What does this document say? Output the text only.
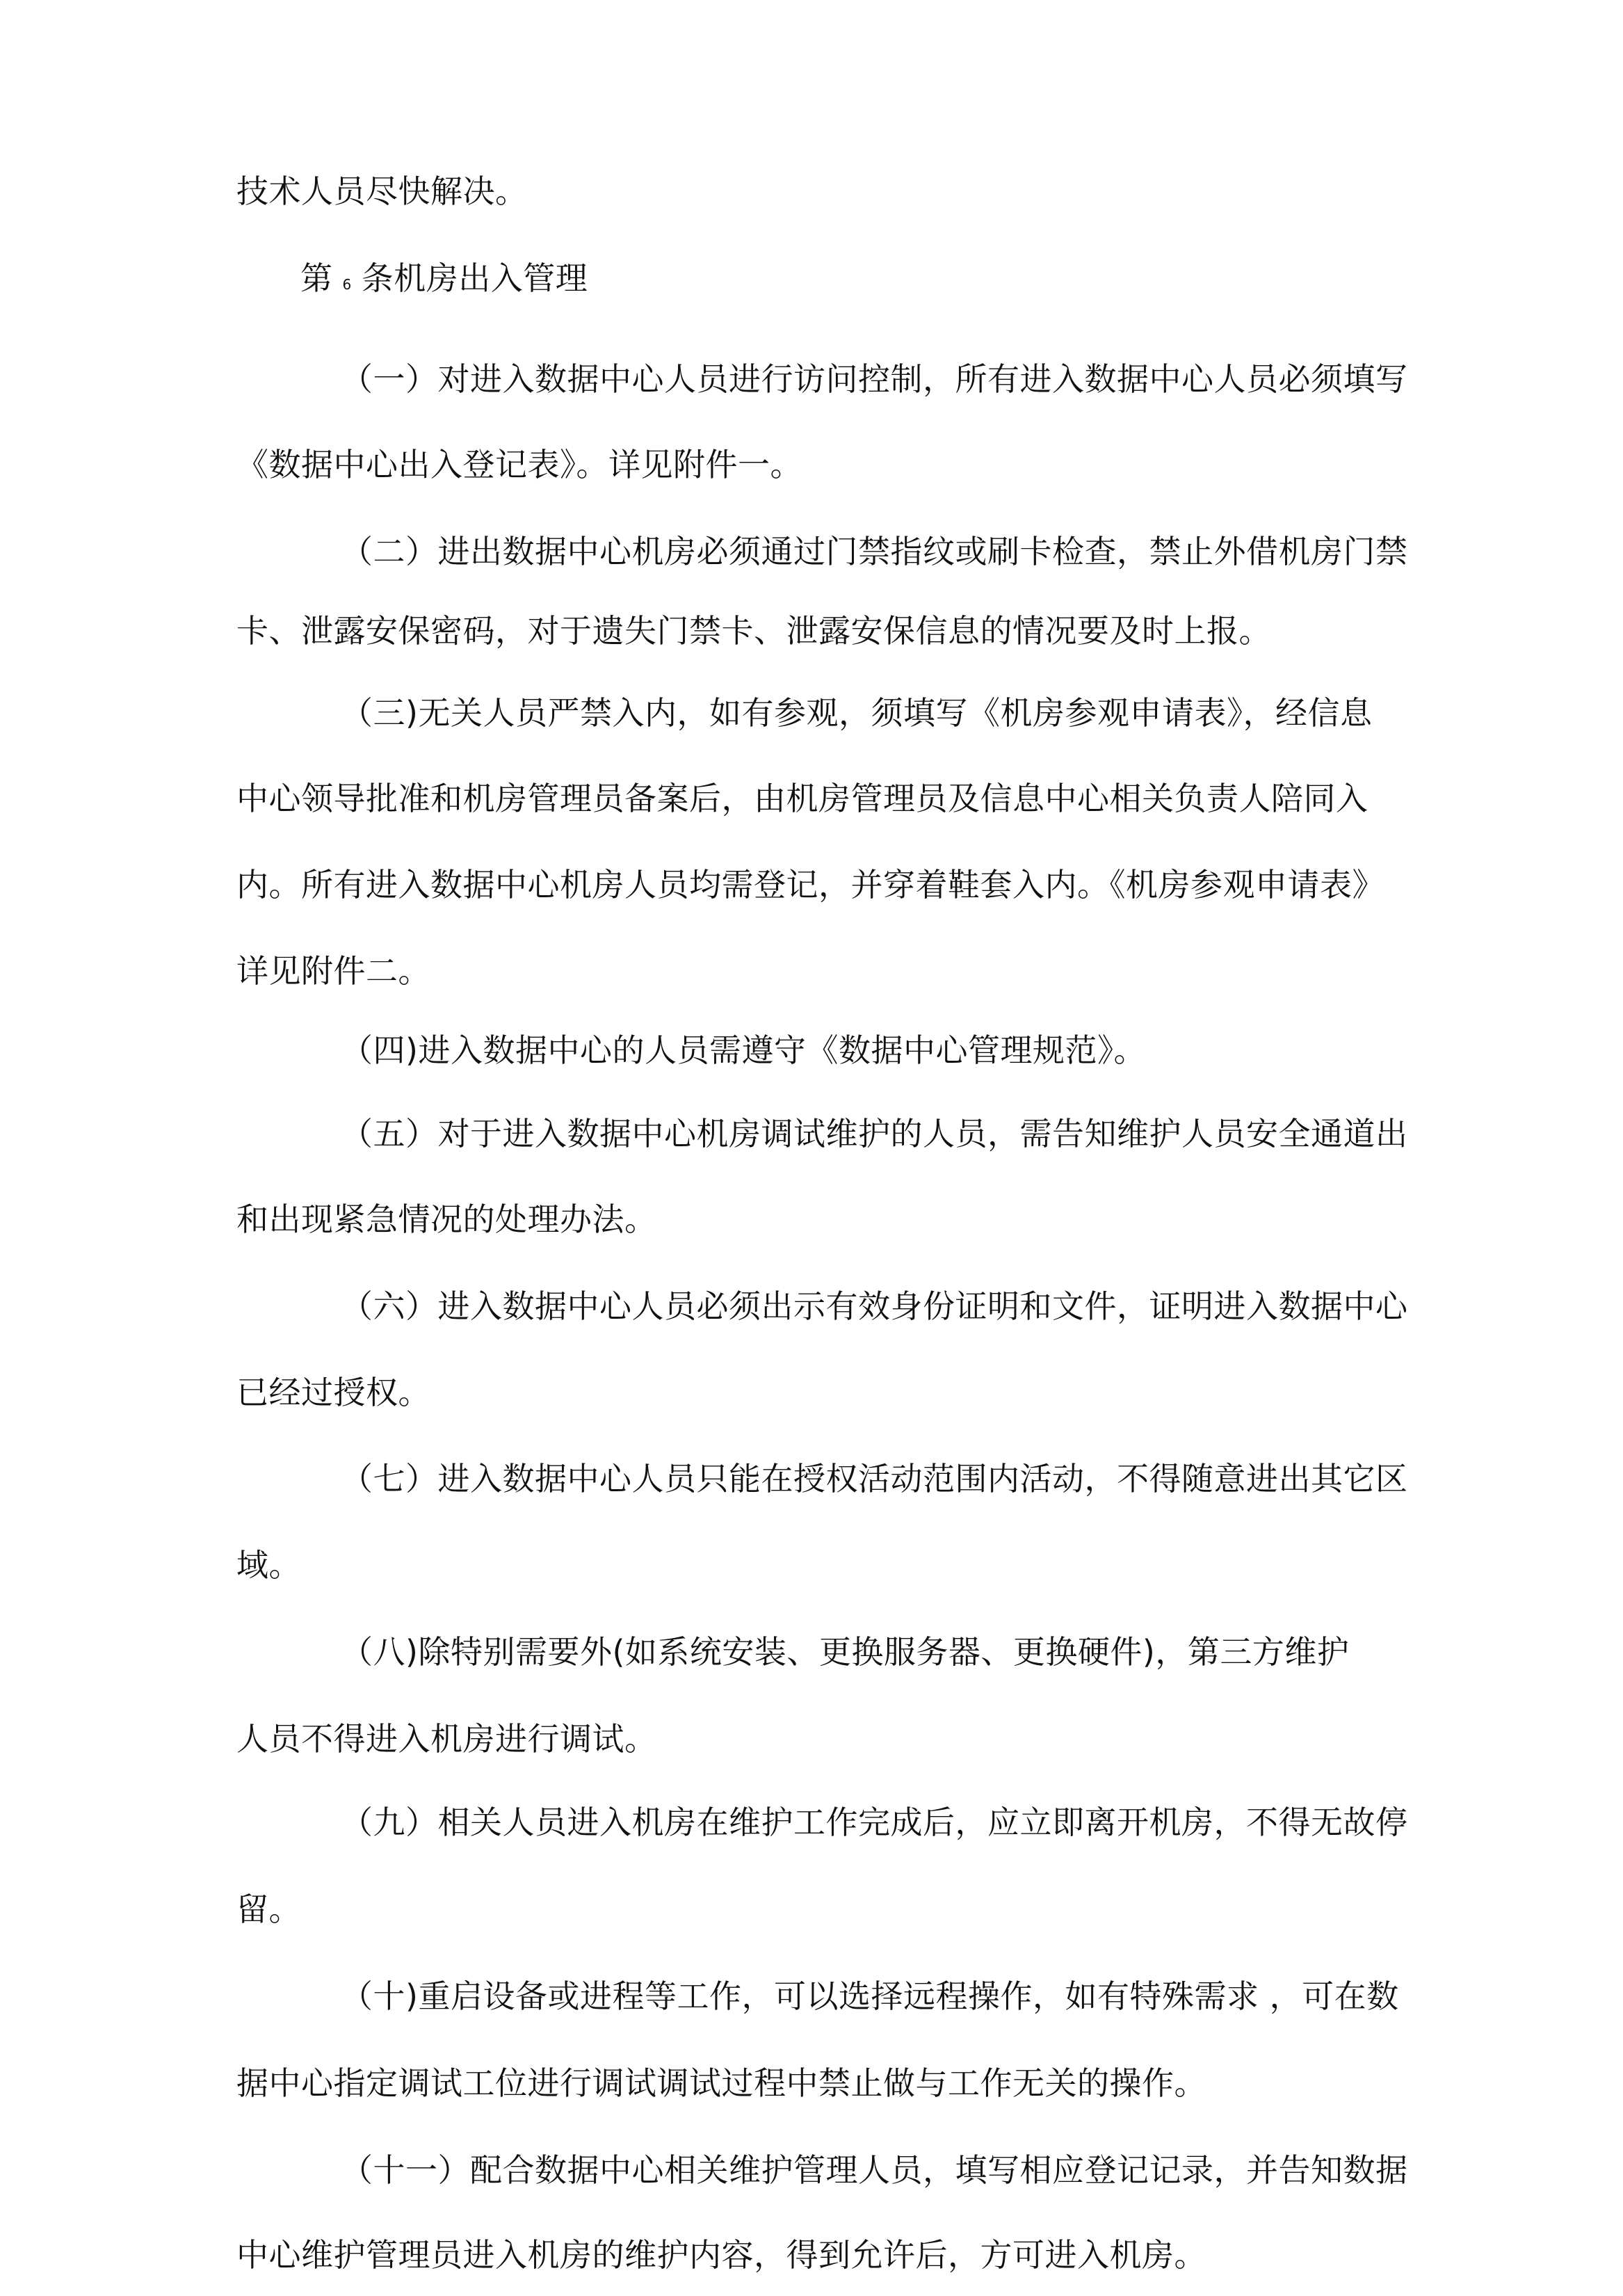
技术人员尽快解决。
第 6 条机房出入管理
（一）对进入数据中心人员进行访问控制，所有进入数据中心人员必须填写
《数据中心出入登记表》。详见附件一。
（二）进出数据中心机房必须通过门禁指纹或刷卡检查，禁止外借机房门禁
卡、泄露安保密码，对于遗失门禁卡、泄露安保信息的情况要及时上报。
（三)无关人员严禁入内，如有参观，须填写《机房参观申请表》，经信息
中心领导批准和机房管理员备案后，由机房管理员及信息中心相关负责人陪同入
内。所有进入数据中心机房人员均需登记，并穿着鞋套入内。《机房参观申请表》
详见附件二。
（四)进入数据中心的人员需遵守《数据中心管理规范》。
（五）对于进入数据中心机房调试维护的人员，需告知维护人员安全通道出
和出现紧急情况的处理办法。
（六）进入数据中心人员必须出示有效身份证明和文件，证明进入数据中心
已经过授权。
（七）进入数据中心人员只能在授权活动范围内活动，不得随意进出其它区
域。
（八)除特别需要外(如系统安装、更换服务器、更换硬件)，第三方维护
人员不得进入机房进行调试。
（九）相关人员进入机房在维护工作完成后，应立即离开机房，不得无故停
留。
（十)重启设备或进程等工作，可以选择远程操作，如有特殊需求 ，可在数
据中心指定调试工位进行调试调试过程中禁止做与工作无关的操作。
（十一）配合数据中心相关维护管理人员，填写相应登记记录，并告知数据
中心维护管理员进入机房的维护内容，得到允许后，方可进入机房。
